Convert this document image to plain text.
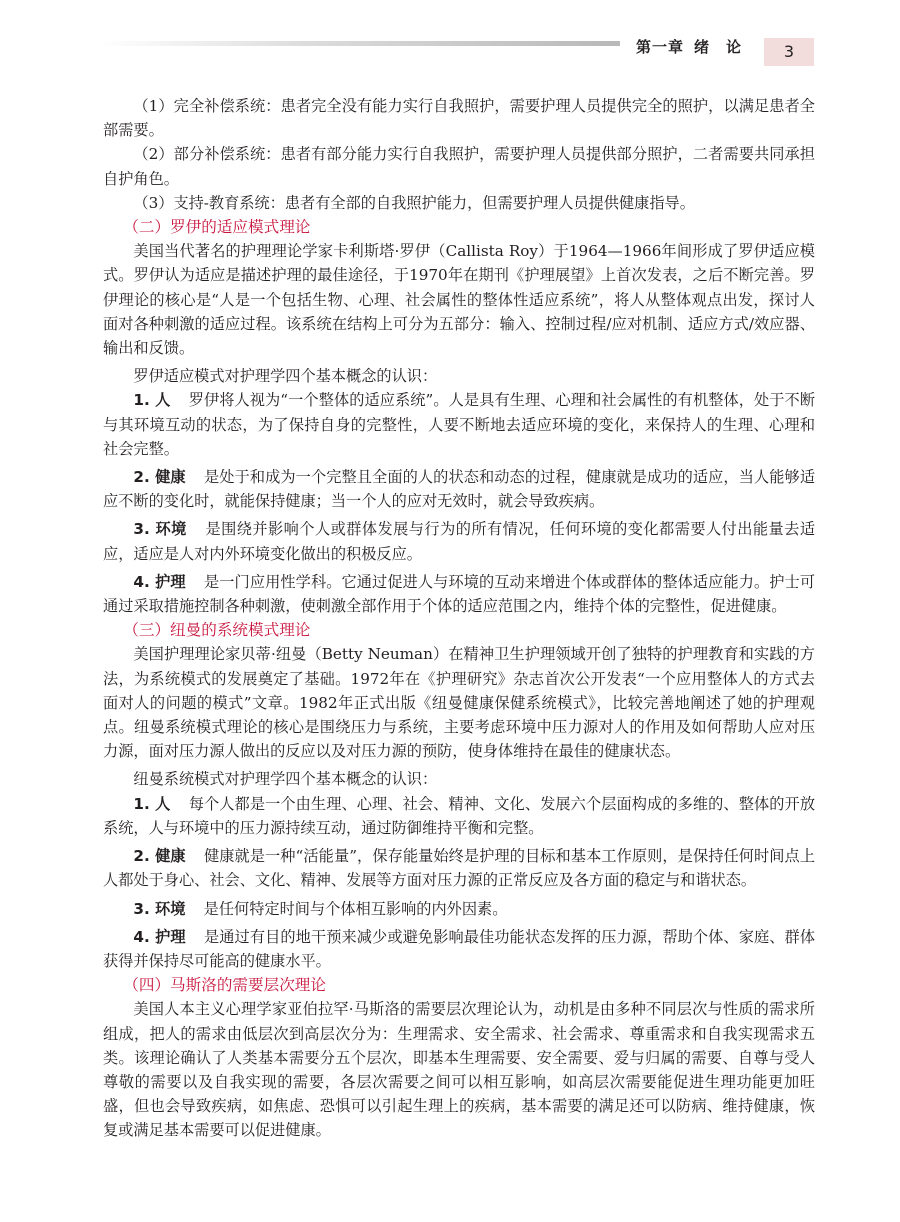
第一章 绪　论	3

（1）完全补偿系统：患者完全没有能力实行自我照护，需要护理人员提供完全的照护，以满足患者全部需要。

（2）部分补偿系统：患者有部分能力实行自我照护，需要护理人员提供部分照护，二者需要共同承担自护角色。

（3）支持-教育系统：患者有全部的自我照护能力，但需要护理人员提供健康指导。

（二）罗伊的适应模式理论

美国当代著名的护理理论学家卡利斯塔·罗伊（Callista Roy）于1964—1966年间形成了罗伊适应模式。罗伊认为适应是描述护理的最佳途径，于1970年在期刊《护理展望》上首次发表，之后不断完善。罗伊理论的核心是“人是一个包括生物、心理、社会属性的整体性适应系统”，将人从整体观点出发，探讨人面对各种刺激的适应过程。该系统在结构上可分为五部分：输入、控制过程/应对机制、适应方式/效应器、输出和反馈。

罗伊适应模式对护理学四个基本概念的认识：

1. 人 罗伊将人视为“一个整体的适应系统”。人是具有生理、心理和社会属性的有机整体，处于不断与其环境互动的状态，为了保持自身的完整性，人要不断地去适应环境的变化，来保持人的生理、心理和社会完整。

2. 健康 是处于和成为一个完整且全面的人的状态和动态的过程，健康就是成功的适应，当人能够适应不断的变化时，就能保持健康；当一个人的应对无效时，就会导致疾病。

3. 环境 是围绕并影响个人或群体发展与行为的所有情况，任何环境的变化都需要人付出能量去适应，适应是人对内外环境变化做出的积极反应。

4. 护理 是一门应用性学科。它通过促进人与环境的互动来增进个体或群体的整体适应能力。护士可通过采取措施控制各种刺激，使刺激全部作用于个体的适应范围之内，维持个体的完整性，促进健康。

（三）纽曼的系统模式理论

美国护理理论家贝蒂·纽曼（Betty Neuman）在精神卫生护理领域开创了独特的护理教育和实践的方法，为系统模式的发展奠定了基础。1972年在《护理研究》杂志首次公开发表“一个应用整体人的方式去面对人的问题的模式”文章。1982年正式出版《纽曼健康保健系统模式》，比较完善地阐述了她的护理观点。纽曼系统模式理论的核心是围绕压力与系统，主要考虑环境中压力源对人的作用及如何帮助人应对压力源，面对压力源人做出的反应以及对压力源的预防，使身体维持在最佳的健康状态。

纽曼系统模式对护理学四个基本概念的认识：

1. 人 每个人都是一个由生理、心理、社会、精神、文化、发展六个层面构成的多维的、整体的开放系统，人与环境中的压力源持续互动，通过防御维持平衡和完整。

2. 健康 健康就是一种“活能量”，保存能量始终是护理的目标和基本工作原则，是保持任何时间点上人都处于身心、社会、文化、精神、发展等方面对压力源的正常反应及各方面的稳定与和谐状态。

3. 环境 是任何特定时间与个体相互影响的内外因素。

4. 护理 是通过有目的地干预来减少或避免影响最佳功能状态发挥的压力源，帮助个体、家庭、群体获得并保持尽可能高的健康水平。

（四）马斯洛的需要层次理论

美国人本主义心理学家亚伯拉罕·马斯洛的需要层次理论认为，动机是由多种不同层次与性质的需求所组成，把人的需求由低层次到高层次分为：生理需求、安全需求、社会需求、尊重需求和自我实现需求五类。该理论确认了人类基本需要分五个层次，即基本生理需要、安全需要、爱与归属的需要、自尊与受人尊敬的需要以及自我实现的需要，各层次需要之间可以相互影响，如高层次需要能促进生理功能更加旺盛，但也会导致疾病，如焦虑、恐惧可以引起生理上的疾病，基本需要的满足还可以防病、维持健康，恢复或满足基本需要可以促进健康。
